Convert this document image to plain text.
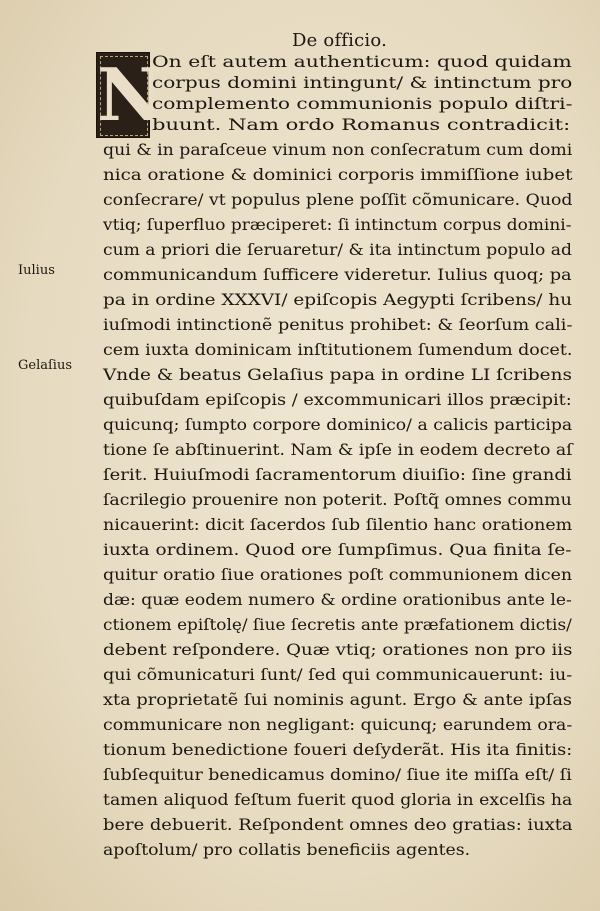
De officio.
N
On eſt autem authenticum: quod quidam
corpus domini intingunt/ & intinctum pro
complemento communionis populo diſtri-
buunt. Nam ordo Romanus contradicit:
qui & in paraſceue vinum non conſecratum cum domi
nica oratione & dominici corporis immiſſione iubet
conſecrare/ vt populus plene poſſit cõmunicare. Quod
vtiq; ſuperfluo præciperet: ſi intinctum corpus domini-
cum a priori die ſeruaretur/ & ita intinctum populo ad
communicandum ſufficere videretur. Iulius quoq; pa
pa in ordine XXXVI/ epiſcopis Aegypti ſcribens/ hu
iuſmodi intinctionẽ penitus prohibet: & ſeorſum cali-
cem iuxta dominicam inſtitutionem ſumendum docet.
Vnde & beatus Gelaſius papa in ordine LI ſcribens
quibuſdam epiſcopis / excommunicari illos præcipit:
quicunq; ſumpto corpore dominico/ a calicis participa
tione ſe abſtinuerint. Nam & ipſe in eodem decreto aſ
ſerit. Huiuſmodi ſacramentorum diuiſio: ſine grandi
ſacrilegio prouenire non poterit. Poſtq̃ omnes commu
nicauerint: dicit ſacerdos ſub ſilentio hanc orationem
iuxta ordinem. Quod ore ſumpſimus. Qua finita ſe-
quitur oratio ſiue orationes poſt communionem dicen
dæ: quæ eodem numero & ordine orationibus ante le-
ctionem epiſtolę/ ſiue ſecretis ante præfationem dictis/
debent reſpondere. Quæ vtiq; orationes non pro iis
qui cõmunicaturi ſunt/ ſed qui communicauerunt: iu-
xta proprietatẽ ſui nominis agunt. Ergo & ante ipſas
communicare non negligant: quicunq; earundem ora-
tionum benedictione foueri deſyderãt. His ita finitis:
ſubſequitur benedicamus domino/ ſiue ite miſſa eſt/ ſi
tamen aliquod feſtum fuerit quod gloria in excelſis ha
bere debuerit. Reſpondent omnes deo gratias: iuxta
apoſtolum/ pro collatis beneficiis agentes.
Iulius
Gelaſius
